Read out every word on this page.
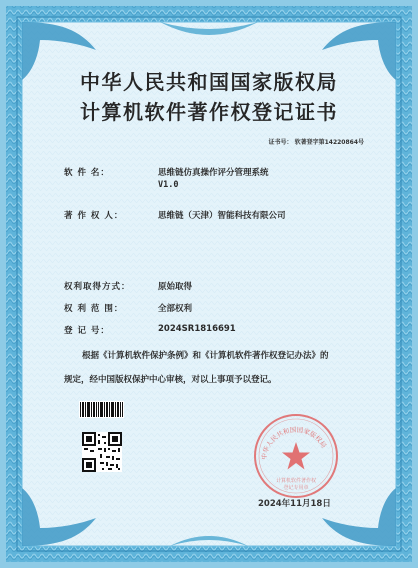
中华人民共和国国家版权局
计算机软件著作权登记证书
证书号： 软著登字第14220864号
软 件 名：	思维链仿真操作评分管理系统
V1.0
著 作 权 人：	思维链（天津）智能科技有限公司
权利取得方式：	原始取得
权 利 范 围：	全部权利
登 记 号：	2024SR1816691
根据《计算机软件保护条例》和《计算机软件著作权登记办法》的
规定，经中国版权保护中心审核，对以上事项予以登记。
中华人民共和国国家版权局
计算机软件著作权
登记专用章
2024年11月18日
